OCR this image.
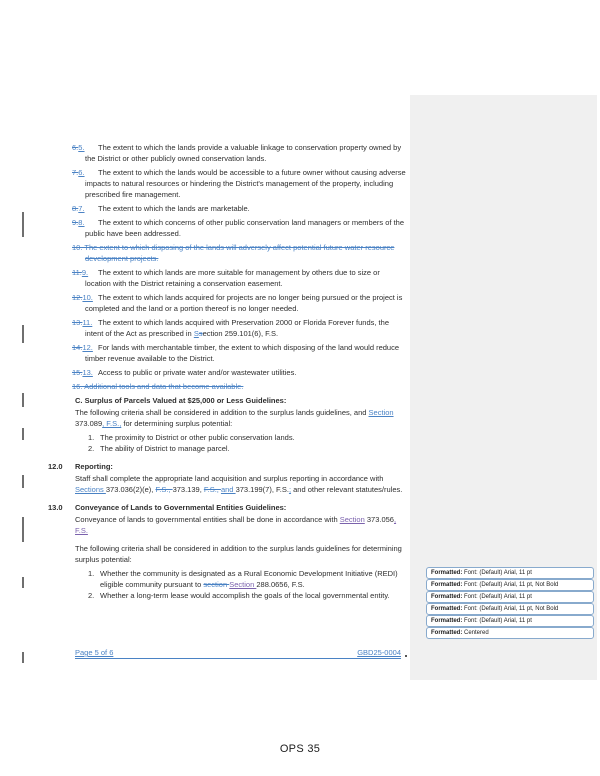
Formatted: Font: (Default) Arial, 11 pt
Formatted: Font: (Default) Arial, 11 pt, Not Bold
Formatted: Font: (Default) Arial, 11 pt
Formatted: Font: (Default) Arial, 11 pt, Not Bold
Formatted: Font: (Default) Arial, 11 pt
Formatted: Centered
6.5. The extent to which the lands provide a valuable linkage to conservation property owned by the District or other publicly owned conservation lands.
7.6. The extent to which the lands would be accessible to a future owner without causing adverse impacts to natural resources or hindering the District's management of the property, including prescribed fire management.
8.7. The extent to which the lands are marketable.
9.8. The extent to which concerns of other public conservation land managers or members of the public have been addressed.
10. The extent to which disposing of the lands will adversely affect potential future water resource development projects.
11.9. The extent to which lands are more suitable for management by others due to size or location with the District retaining a conservation easement.
12.10. The extent to which lands acquired for projects are no longer being pursued or the project is completed and the land or a portion thereof is no longer needed.
13.11. The extent to which lands acquired with Preservation 2000 or Florida Forever funds, the intent of the Act as prescribed in Ssection 259.101(6), F.S.
14.12. For lands with merchantable timber, the extent to which disposing of the land would reduce timber revenue available to the District.
15.13. Access to public or private water and/or wastewater utilities.
16. Additional tools and data that become available.
C. Surplus of Parcels Valued at $25,000 or Less Guidelines:
The following criteria shall be considered in addition to the surplus lands guidelines, and Section 373.089, F.S., for determining surplus potential:
1. The proximity to District or other public conservation lands.
2. The ability of District to manage parcel.
12.0 Reporting:
Staff shall complete the appropriate land acquisition and surplus reporting in accordance with Sections 373.036(2)(e), F.S., 373.139, F.S., and 373.199(7), F.S.; and other relevant statutes/rules.
13.0 Conveyance of Lands to Governmental Entities Guidelines:
Conveyance of lands to governmental entities shall be done in accordance with Section 373.056, F.S.
The following criteria shall be considered in addition to the surplus lands guidelines for determining surplus potential:
1. Whether the community is designated as a Rural Economic Development Initiative (REDI) eligible community pursuant to section Section 288.0656, F.S.
2. Whether a long-term lease would accomplish the goals of the local governmental entity.
Page 5 of 6	GBD25-0004
OPS 35
